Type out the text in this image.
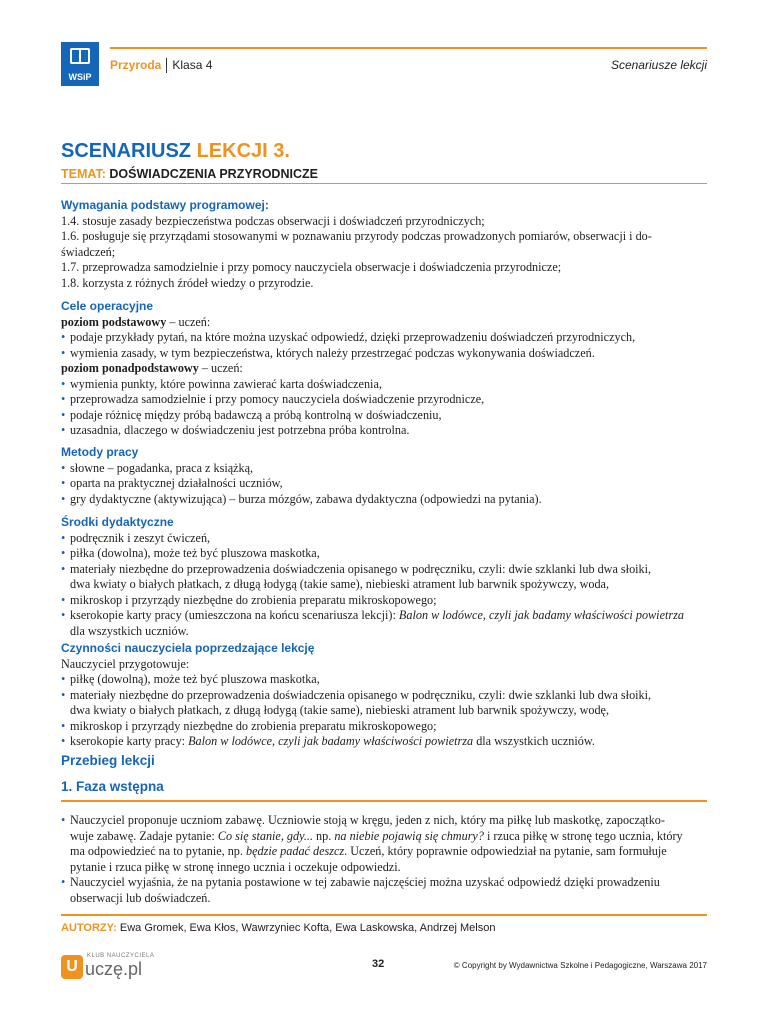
WSiP
Przyroda Klasa 4	Scenariusze lekcji
SCENARIUSZ LEKCJI 3.
TEMAT: DOŚWIADCZENIA PRZYRODNICZE
Wymagania podstawy programowej:
1.4. stosuje zasady bezpieczeństwa podczas obserwacji i doświadczeń przyrodniczych;
1.6. posługuje się przyrządami stosowanymi w poznawaniu przyrody podczas prowadzonych pomiarów, obserwacji i do-
świadczeń;
1.7. przeprowadza samodzielnie i przy pomocy nauczyciela obserwacje i doświadczenia przyrodnicze;
1.8. korzysta z różnych źródeł wiedzy o przyrodzie.
Cele operacyjne
poziom podstawowy – uczeń:
• podaje przykłady pytań, na które można uzyskać odpowiedź, dzięki przeprowadzeniu doświadczeń przyrodniczych,
• wymienia zasady, w tym bezpieczeństwa, których należy przestrzegać podczas wykonywania doświadczeń.
poziom ponadpodstawowy – uczeń:
• wymienia punkty, które powinna zawierać karta doświadczenia,
• przeprowadza samodzielnie i przy pomocy nauczyciela doświadczenie przyrodnicze,
• podaje różnicę między próbą badawczą a próbą kontrolną w doświadczeniu,
• uzasadnia, dlaczego w doświadczeniu jest potrzebna próba kontrolna.
Metody pracy
• słowne – pogadanka, praca z książką,
• oparta na praktycznej działalności uczniów,
• gry dydaktyczne (aktywizująca) – burza mózgów, zabawa dydaktyczna (odpowiedzi na pytania).
Środki dydaktyczne
• podręcznik i zeszyt ćwiczeń,
• piłka (dowolna), może też być pluszowa maskotka,
• materiały niezbędne do przeprowadzenia doświadczenia opisanego w podręczniku, czyli: dwie szklanki lub dwa słoiki,
dwa kwiaty o białych płatkach, z długą łodygą (takie same), niebieski atrament lub barwnik spożywczy, woda,
• mikroskop i przyrządy niezbędne do zrobienia preparatu mikroskopowego;
• kserokopie karty pracy (umieszczona na końcu scenariusza lekcji): Balon w lodówce, czyli jak badamy właściwości powietrza
dla wszystkich uczniów.
Czynności nauczyciela poprzedzające lekcję
Nauczyciel przygotowuje:
• piłkę (dowolną), może też być pluszowa maskotka,
• materiały niezbędne do przeprowadzenia doświadczenia opisanego w podręczniku, czyli: dwie szklanki lub dwa słoiki,
dwa kwiaty o białych płatkach, z długą łodygą (takie same), niebieski atrament lub barwnik spożywczy, wodę,
• mikroskop i przyrządy niezbędne do zrobienia preparatu mikroskopowego;
• kserokopie karty pracy: Balon w lodówce, czyli jak badamy właściwości powietrza dla wszystkich uczniów.
Przebieg lekcji
1. Faza wstępna
• Nauczyciel proponuje uczniom zabawę. Uczniowie stoją w kręgu, jeden z nich, który ma piłkę lub maskotkę, zapoczątko-
wuje zabawę. Zadaje pytanie: Co się stanie, gdy... np. na niebie pojawią się chmury? i rzuca piłkę w stronę tego ucznia, który
ma odpowiedzieć na to pytanie, np. będzie padać deszcz. Uczeń, który poprawnie odpowiedział na pytanie, sam formułuje
pytanie i rzuca piłkę w stronę innego ucznia i oczekuje odpowiedzi.
• Nauczyciel wyjaśnia, że na pytania postawione w tej zabawie najczęściej można uzyskać odpowiedź dzięki prowadzeniu
obserwacji lub doświadczeń.
AUTORZY: Ewa Gromek, Ewa Kłos, Wawrzyniec Kofta, Ewa Laskowska, Andrzej Melson
U
KLUB NAUCZYCIELA
uczę.pl	32	© Copyright by Wydawnictwa Szkolne i Pedagogiczne, Warszawa 2017
